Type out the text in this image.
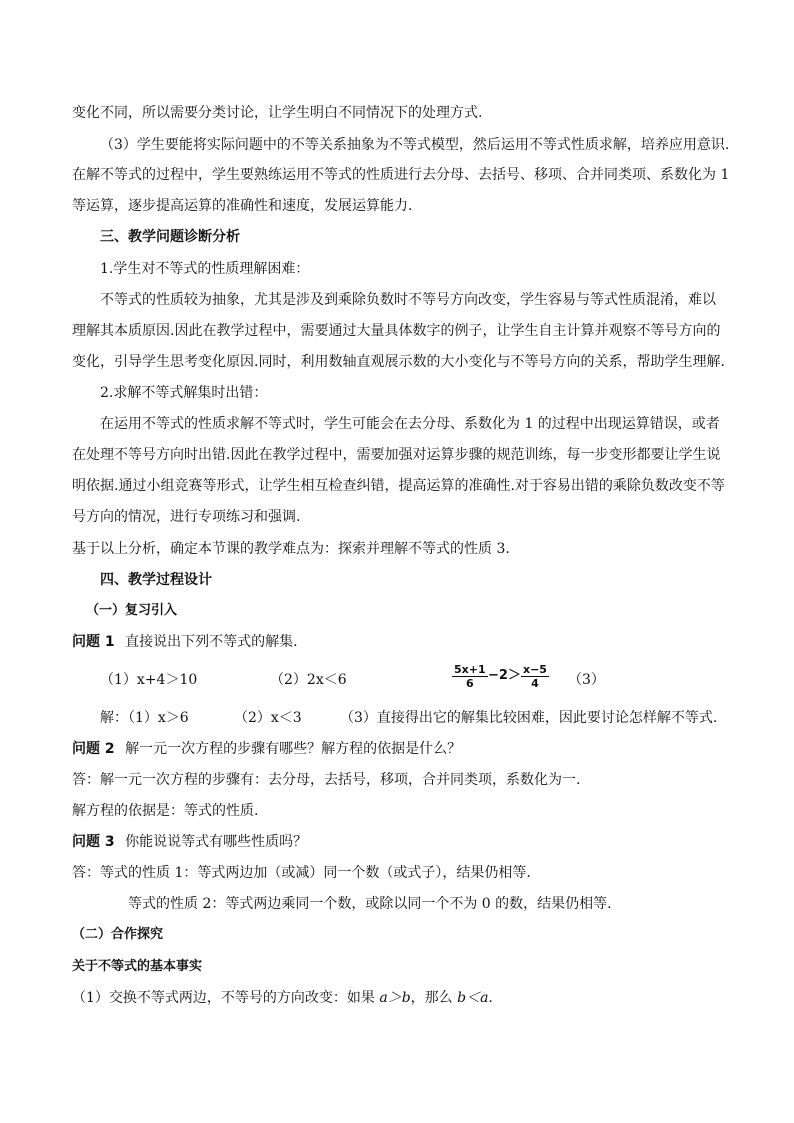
变化不同，所以需要分类讨论，让学生明白不同情况下的处理方式.
（3）学生要能将实际问题中的不等关系抽象为不等式模型，然后运用不等式性质求解，培养应用意识.
在解不等式的过程中，学生要熟练运用不等式的性质进行去分母、去括号、移项、合并同类项、系数化为 1
等运算，逐步提高运算的准确性和速度，发展运算能力.
三、教学问题诊断分析
1.学生对不等式的性质理解困难：
不等式的性质较为抽象，尤其是涉及到乘除负数时不等号方向改变，学生容易与等式性质混淆，难以
理解其本质原因.因此在教学过程中，需要通过大量具体数字的例子，让学生自主计算并观察不等号方向的
变化，引导学生思考变化原因.同时，利用数轴直观展示数的大小变化与不等号方向的关系，帮助学生理解.
2.求解不等式解集时出错：
在运用不等式的性质求解不等式时，学生可能会在去分母、系数化为 1 的过程中出现运算错误，或者
在处理不等号方向时出错.因此在教学过程中，需要加强对运算步骤的规范训练，每一步变形都要让学生说
明依据.通过小组竞赛等形式，让学生相互检查纠错，提高运算的准确性.对于容易出错的乘除负数改变不等
号方向的情况，进行专项练习和强调.
基于以上分析，确定本节课的教学难点为：探索并理解不等式的性质 3.
四、教学过程设计
（一）复习引入
问题 1 直接说出下列不等式的解集.
（1）x+4＞10	（2）2x＜6	$\frac{5x+1}{6} -2> \frac{x-5}{4} (3)$
解：（1）x＞6	（2）x＜3	（3）直接得出它的解集比较困难，因此要讨论怎样解不等式.
问题 2 解一元一次方程的步骤有哪些？解方程的依据是什么？
答：解一元一次方程的步骤有：去分母，去括号，移项，合并同类项，系数化为一.
解方程的依据是：等式的性质.
问题 3 你能说说等式有哪些性质吗？
答：等式的性质 1：等式两边加（或减）同一个数（或式子），结果仍相等.
等式的性质 2：等式两边乘同一个数，或除以同一个不为 0 的数，结果仍相等.
（二）合作探究
关于不等式的基本事实
（1）交换不等式两边，不等号的方向改变：如果 a＞b，那么 b＜a.
